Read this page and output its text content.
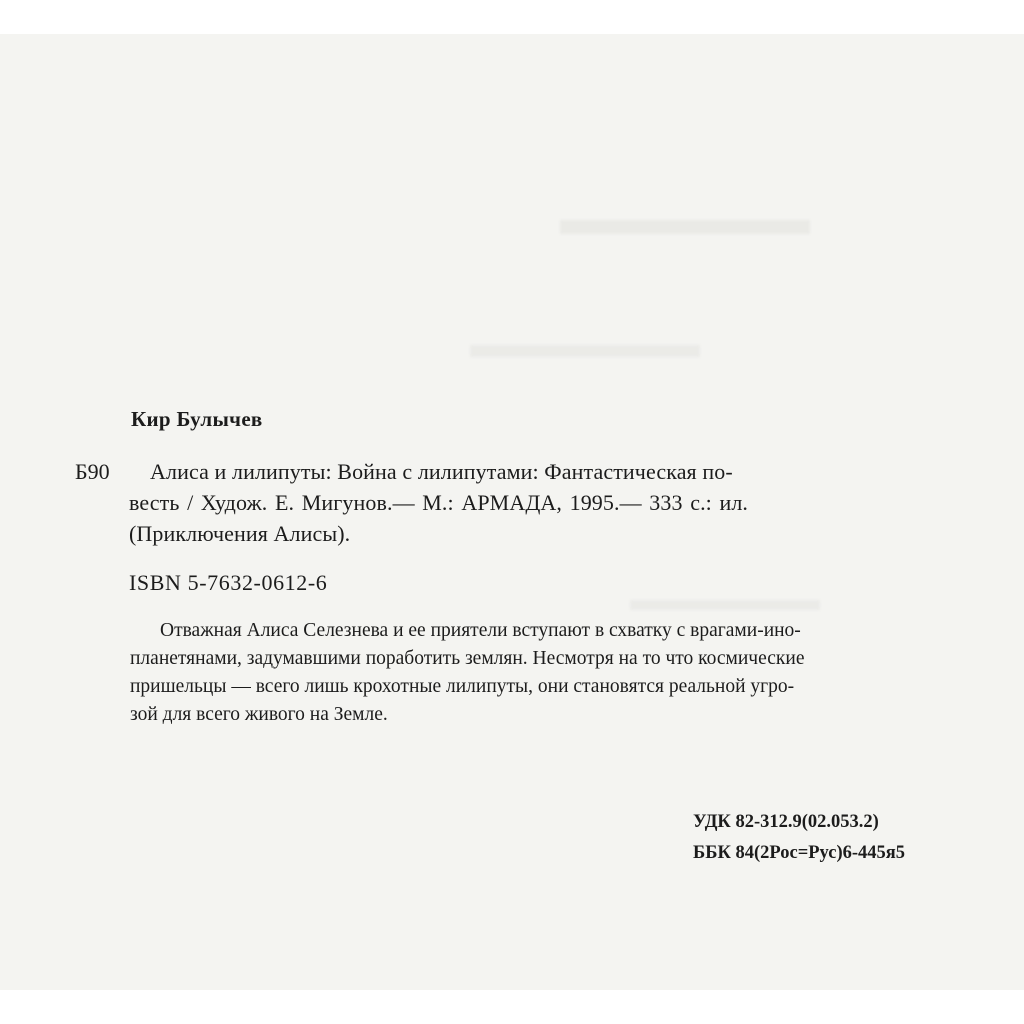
Кир Булычев
Б90 Алиса и лилипуты: Война с лилипутами: Фантастическая по-
весть / Худож. Е. Мигунов.— М.: АРМАДА, 1995.— 333 с.: ил.
(Приключения Алисы).
ISBN 5-7632-0612-6
Отважная Алиса Селезнева и ее приятели вступают в схватку с врагами-ино-
планетянами, задумавшими поработить землян. Несмотря на то что космические
пришельцы — всего лишь крохотные лилипуты, они становятся реальной угро-
зой для всего живого на Земле.
УДК 82-312.9(02.053.2)
ББК 84(2Рос=Рус)6-445я5
